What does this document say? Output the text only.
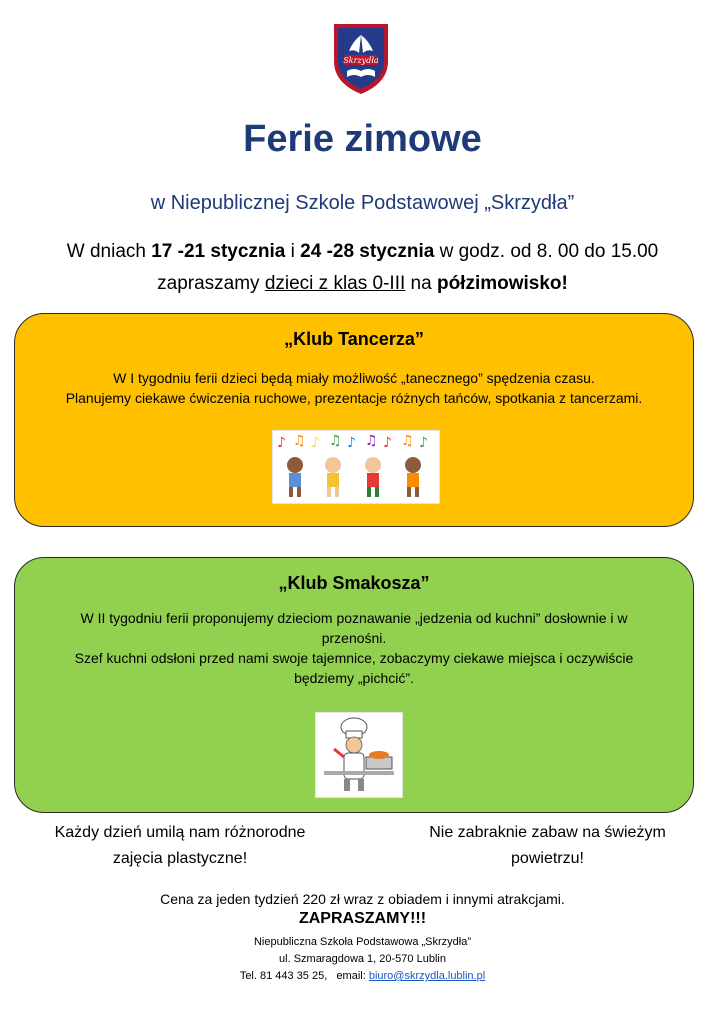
Skrzydła
Ferie zimowe
w Niepublicznej Szkole Podstawowej „Skrzydła”
W dniach 17 -21 stycznia i 24 -28 stycznia w godz. od 8. 00 do 15.00
zapraszamy dzieci z klas 0-III na półzimowisko!
„Klub Tancerza”
W I tygodniu ferii dzieci będą miały możliwość „tanecznego” spędzenia czasu.
Planujemy ciekawe ćwiczenia ruchowe, prezentacje różnych tańców, spotkania z tancerzami.
♪ ♫ ♪ ♫ ♪ ♫ ♪ ♫ ♪
„Klub Smakosza”
W II tygodniu ferii proponujemy dzieciom poznawanie „jedzenia od kuchni” dosłownie i w
przenośni.
Szef kuchni odsłoni przed nami swoje tajemnice, zobaczymy ciekawe miejsca i oczywiście
będziemy „pichcić”.
Każdy dzień umilą nam różnorodne
zajęcia plastyczne!
Nie zabraknie zabaw na świeżym
powietrzu!
Cena za jeden tydzień 220 zł wraz z obiadem i innymi atrakcjami.
ZAPRASZAMY!!!
Niepubliczna Szkoła Podstawowa „Skrzydła”
ul. Szmaragdowa 1, 20-570 Lublin
Tel. 81 443 35 25,   email: biuro@skrzydla.lublin.pl
